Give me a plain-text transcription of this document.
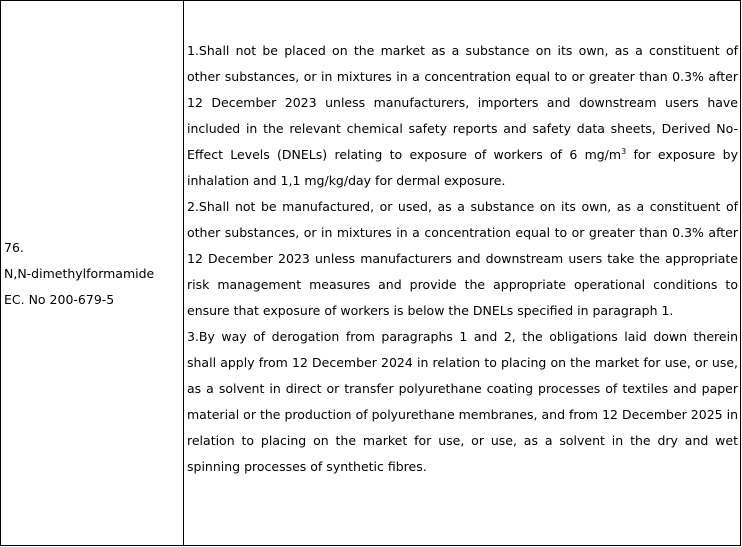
76.
N,N-dimethylformamide
EC. No 200-679-5
1.Shall not be placed on the market as a substance on its own, as a constituent of other substances, or in mixtures in a concentration equal to or greater than 0.3% after 12 December 2023 unless manufacturers, importers and downstream users have included in the relevant chemical safety reports and safety data sheets, Derived No-Effect Levels (DNELs) relating to exposure of workers of 6 $mg/m^3$ for exposure by inhalation and 1,1 mg/kg/day for dermal exposure.
2.Shall not be manufactured, or used, as a substance on its own, as a constituent of other substances, or in mixtures in a concentration equal to or greater than 0.3% after 12 December 2023 unless manufacturers and downstream users take the appropriate risk management measures and provide the appropriate operational conditions to ensure that exposure of workers is below the DNELs specified in paragraph 1.
3.By way of derogation from paragraphs 1 and 2, the obligations laid down therein shall apply from 12 December 2024 in relation to placing on the market for use, or use, as a solvent in direct or transfer polyurethane coating processes of textiles and paper material or the production of polyurethane membranes, and from 12 December 2025 in relation to placing on the market for use, or use, as a solvent in the dry and wet spinning processes of synthetic fibres.
